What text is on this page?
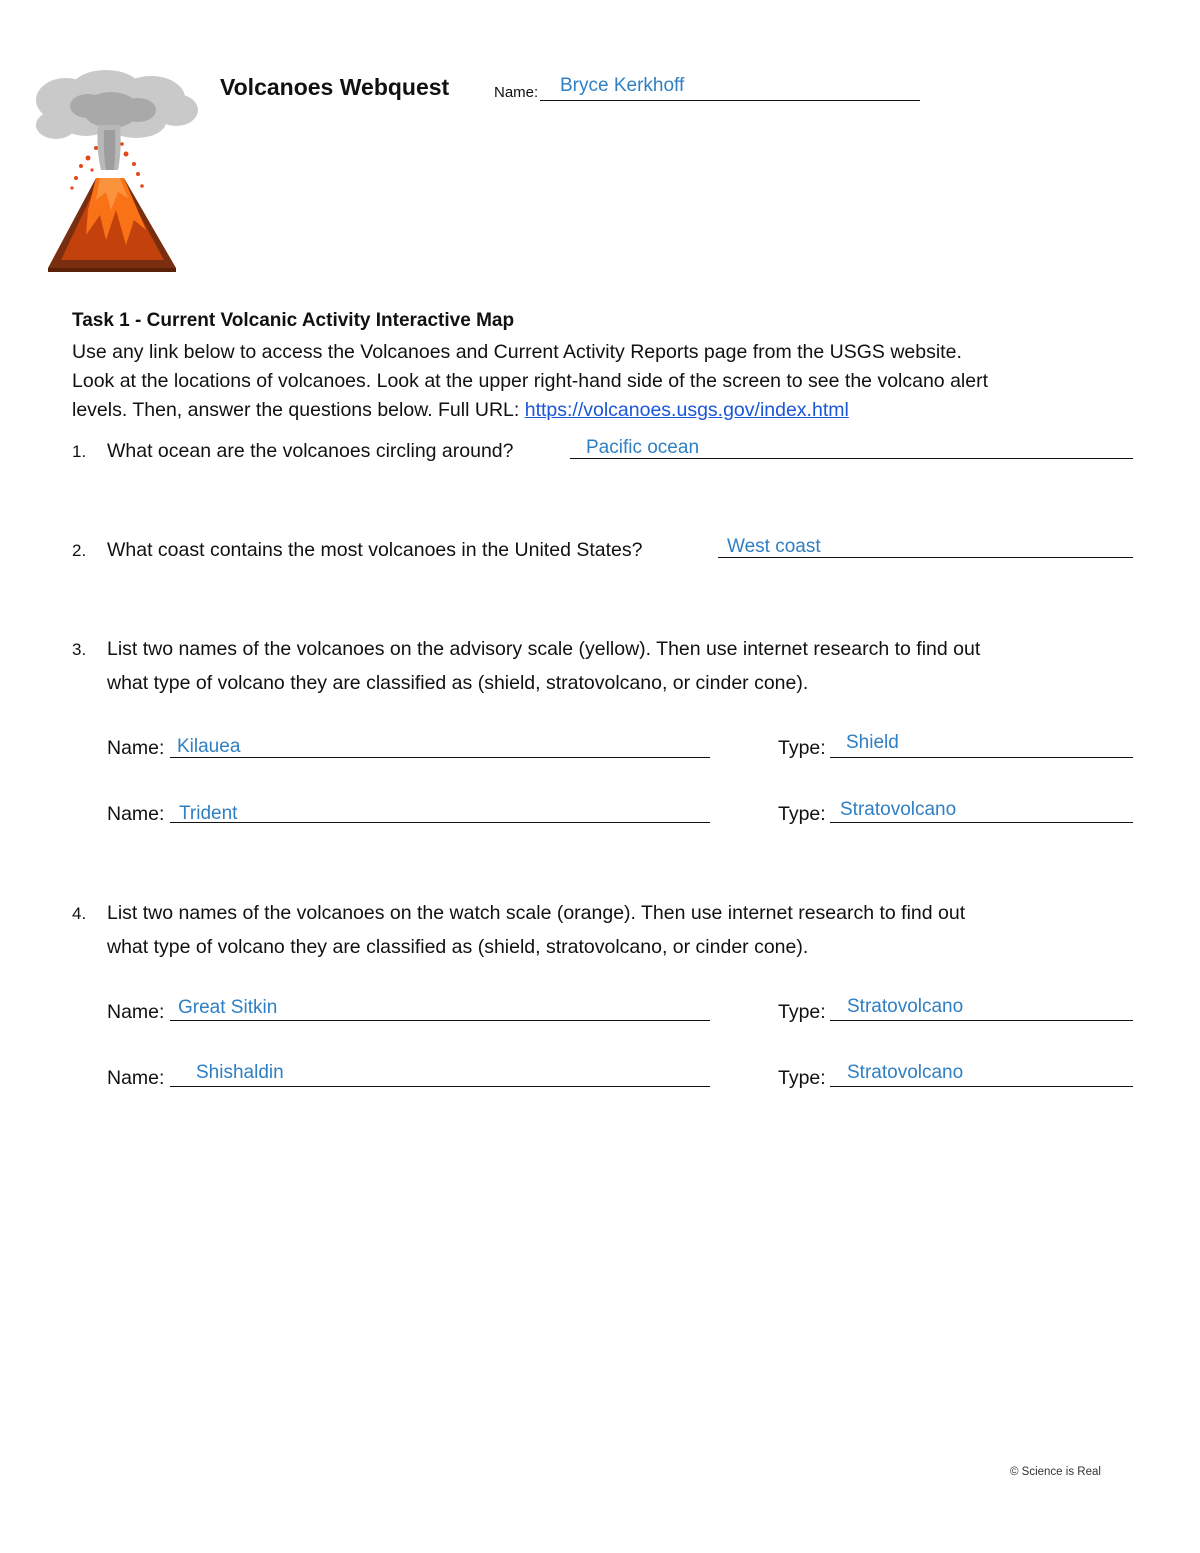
Volcanoes Webquest	Name: Bryce Kerkhoff
Task 1 - Current Volcanic Activity Interactive Map
Use any link below to access the Volcanoes and Current Activity Reports page from the USGS website.
Look at the locations of volcanoes. Look at the upper right-hand side of the screen to see the volcano alert
levels. Then, answer the questions below. Full URL: https://volcanoes.usgs.gov/index.html
1. What ocean are the volcanoes circling around?	Pacific ocean
2. What coast contains the most volcanoes in the United States?	West coast
3. List two names of the volcanoes on the advisory scale (yellow). Then use internet research to find out
what type of volcano they are classified as (shield, stratovolcano, or cinder cone).
Name: Kilauea	Type: Shield
Name: Trident	Type: Stratovolcano
4. List two names of the volcanoes on the watch scale (orange). Then use internet research to find out
what type of volcano they are classified as (shield, stratovolcano, or cinder cone).
Name: Great Sitkin	Type: Stratovolcano
Name: Shishaldin	Type: Stratovolcano
© Science is Real
